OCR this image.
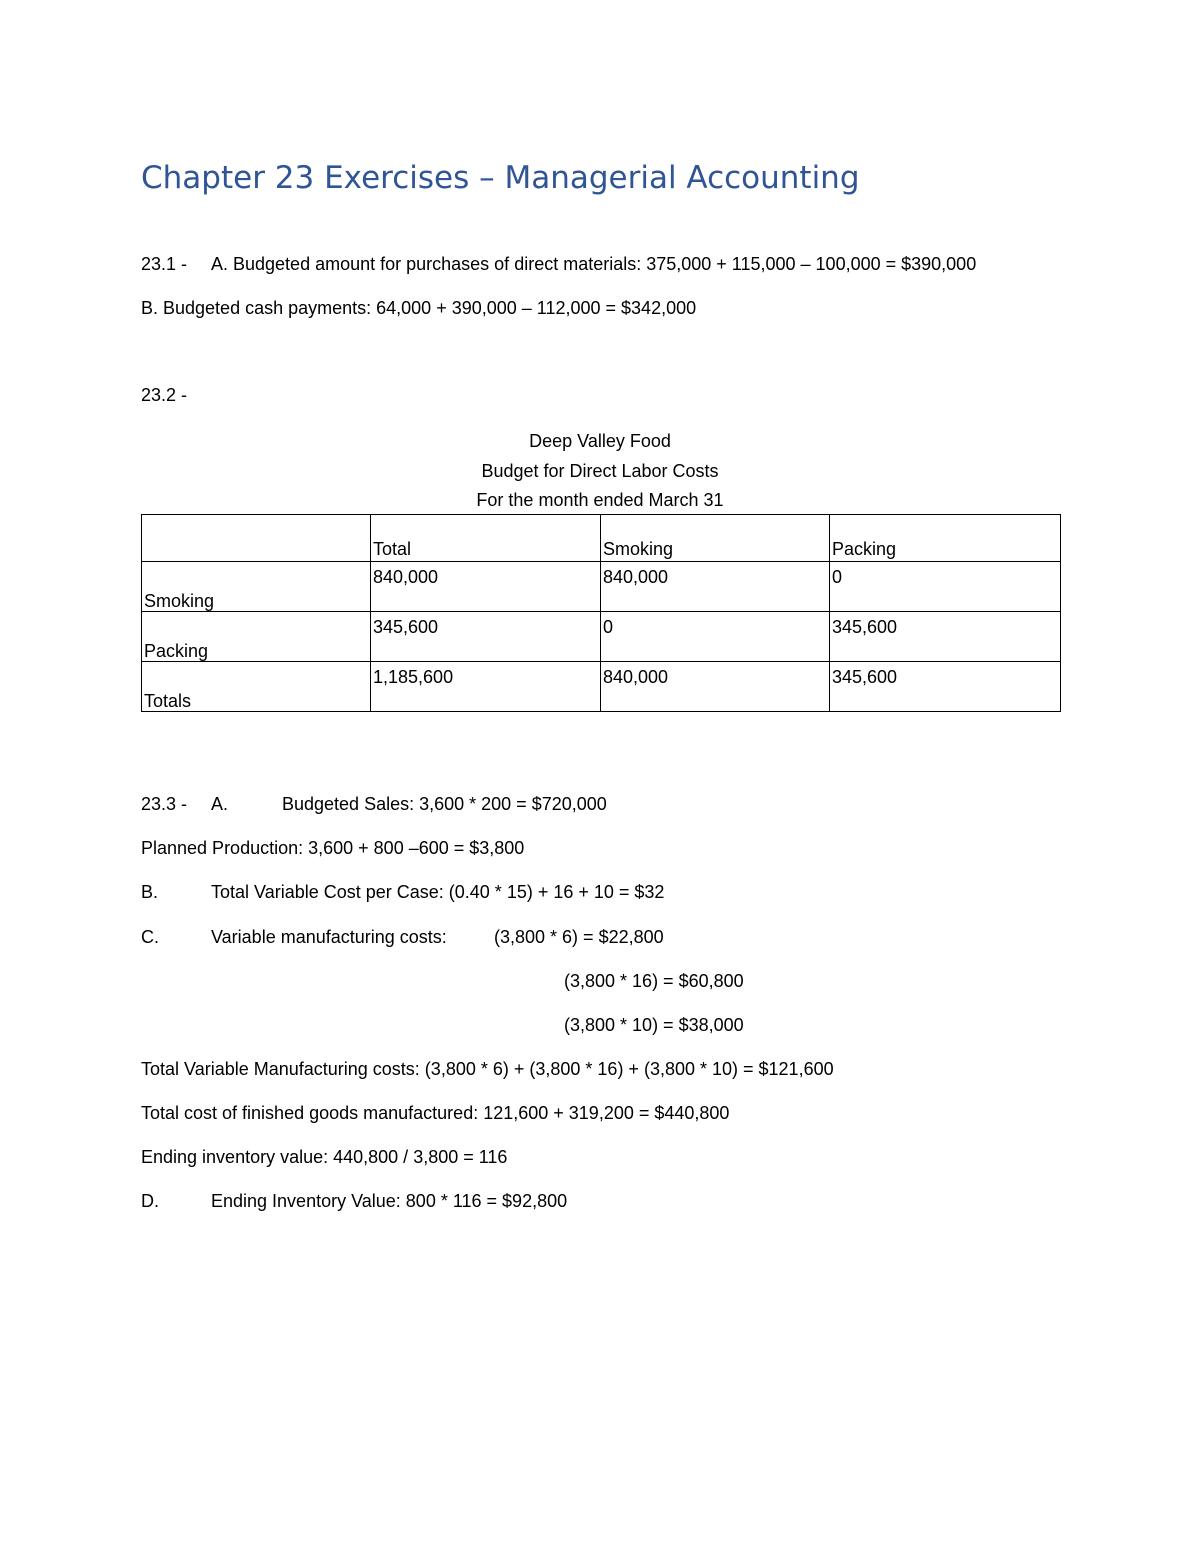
Chapter 23 Exercises – Managerial Accounting
23.1 - A. Budgeted amount for purchases of direct materials: 375,000 + 115,000 – 100,000 = $390,000
B. Budgeted cash payments: 64,000 + 390,000 – 112,000 = $342,000
23.2 -
Deep Valley Food
Budget for Direct Labor Costs
For the month ended March 31
	Total	Smoking	Packing
Smoking	840,000	840,000	0
Packing	345,600	0	345,600
Totals	1,185,600	840,000	345,600
23.3 - A.	Budgeted Sales: 3,600 * 200 = $720,000
Planned Production: 3,600 + 800 –600 = $3,800
B.	Total Variable Cost per Case: (0.40 * 15) + 16 + 10 = $32
C.	Variable manufacturing costs:	(3,800 * 6) = $22,800
(3,800 * 16) = $60,800
(3,800 * 10) = $38,000
Total Variable Manufacturing costs: (3,800 * 6) + (3,800 * 16) + (3,800 * 10) = $121,600
Total cost of finished goods manufactured: 121,600 + 319,200 = $440,800
Ending inventory value: 440,800 / 3,800 = 116
D.	Ending Inventory Value: 800 * 116 = $92,800
